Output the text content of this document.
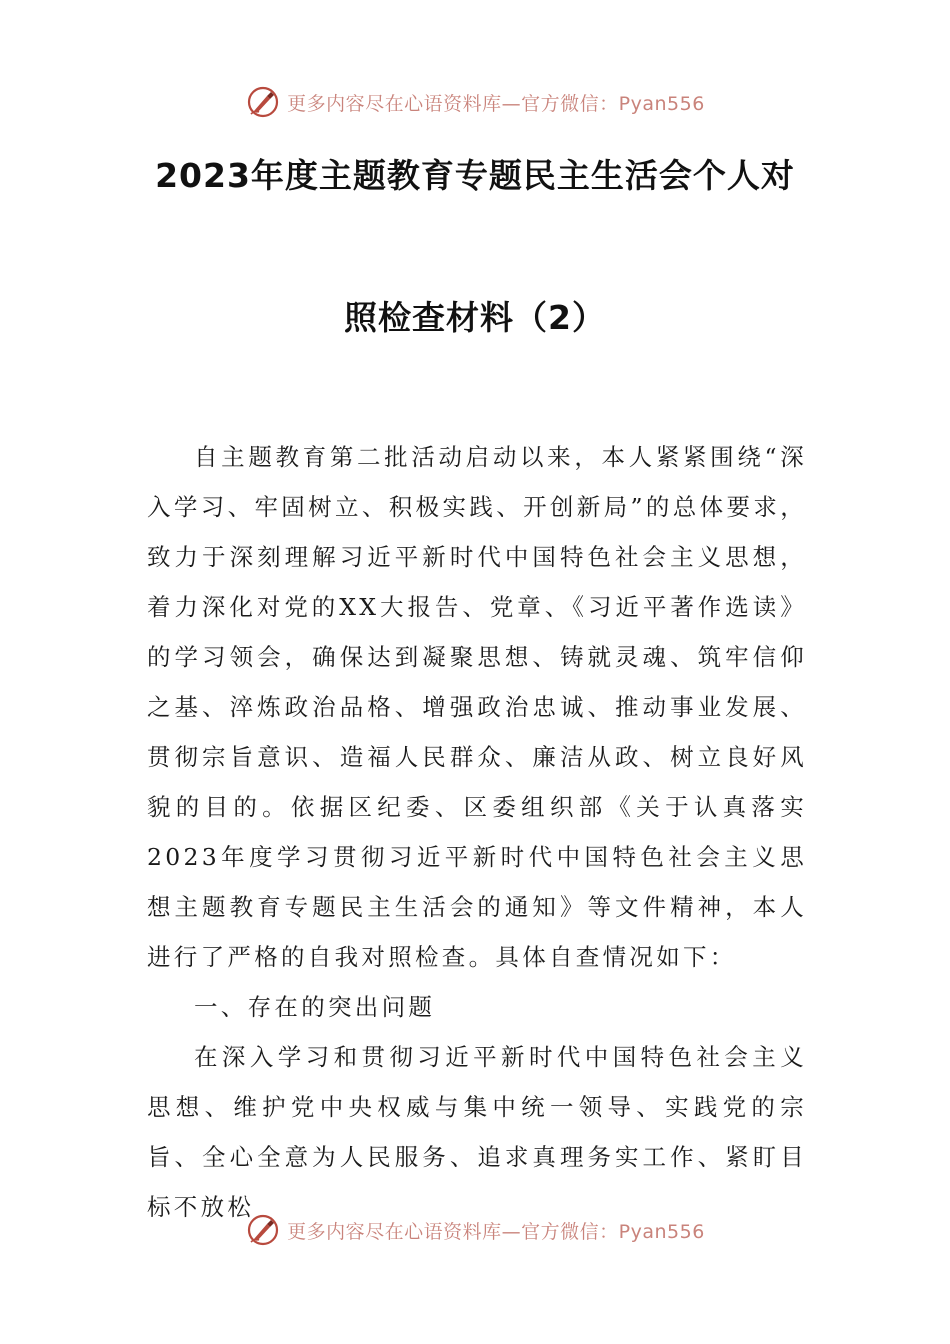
更多内容尽在心语资料库—官方微信：Pyan556
2023年度主题教育专题民主生活会个人对
照检查材料（2）

自主题教育第二批活动启动以来，本人紧紧围绕“深入学习、牢固树立、积极实践、开创新局”的总体要求，致力于深刻理解习近平新时代中国特色社会主义思想，着力深化对党的XX大报告、党章、《习近平著作选读》的学习领会，确保达到凝聚思想、铸就灵魂、筑牢信仰之基、淬炼政治品格、增强政治忠诚、推动事业发展、贯彻宗旨意识、造福人民群众、廉洁从政、树立良好风貌的目的。依据区纪委、区委组织部《关于认真落实2023年度学习贯彻习近平新时代中国特色社会主义思想主题教育专题民主生活会的通知》等文件精神，本人进行了严格的自我对照检查。具体自查情况如下：

一、存在的突出问题

在深入学习和贯彻习近平新时代中国特色社会主义思想、维护党中央权威与集中统一领导、实践党的宗旨、全心全意为人民服务、追求真理务实工作、紧盯目标不放松

更多内容尽在心语资料库—官方微信：Pyan556
